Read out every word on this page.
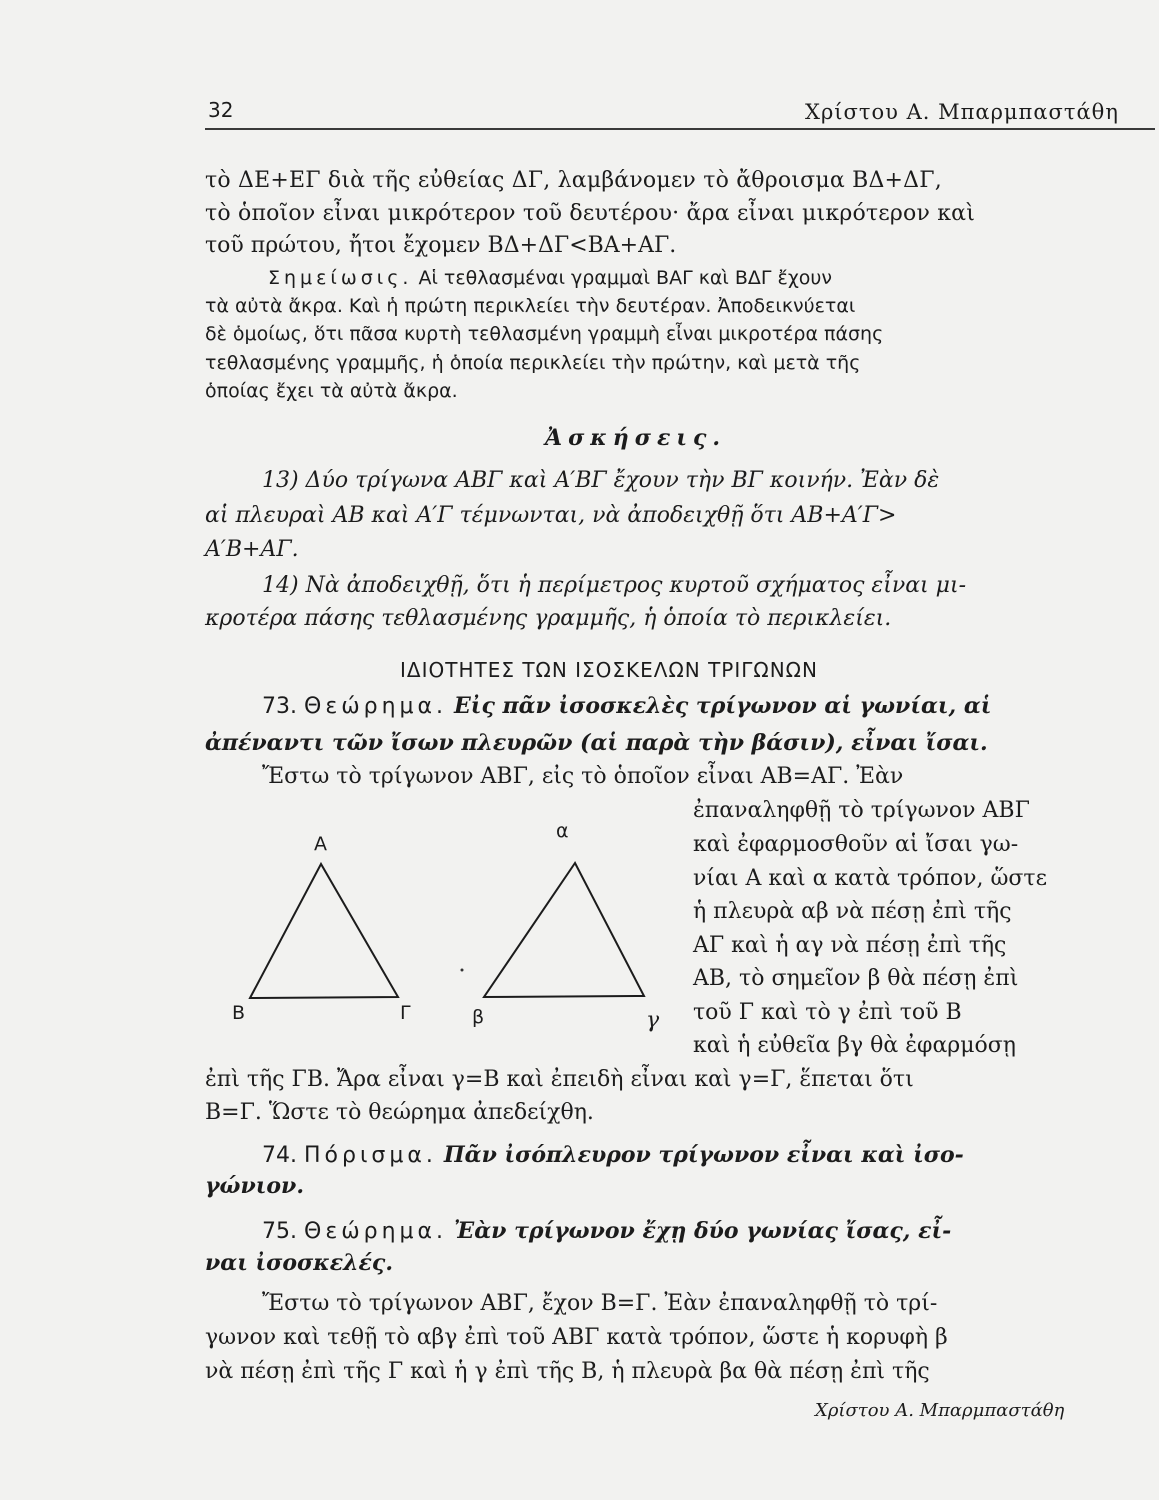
32	Χρίστου Α. Μπαρμπαστάθη
τὸ ΔΕ+ΕΓ διὰ τῆς εὐθείας ΔΓ, λαμβάνομεν τὸ ἄθροισμα ΒΔ+ΔΓ,
τὸ ὁποῖον εἶναι μικρότερον τοῦ δευτέρου· ἄρα εἶναι μικρότερον καὶ
τοῦ πρώτου, ἤτοι ἔχομεν ΒΔ+ΔΓ<ΒΑ+ΑΓ.
Σημείωσις. Αἱ τεθλασμέναι γραμμαὶ ΒΑΓ καὶ ΒΔΓ ἔχουν
τὰ αὐτὰ ἄκρα. Καὶ ἡ πρώτη περικλείει τὴν δευτέραν. Ἀποδεικνύεται
δὲ ὁμοίως, ὅτι πᾶσα κυρτὴ τεθλασμένη γραμμὴ εἶναι μικροτέρα πάσης
τεθλασμένης γραμμῆς, ἡ ὁποία περικλείει τὴν πρώτην, καὶ μετὰ τῆς
ὁποίας ἔχει τὰ αὐτὰ ἄκρα.
Ἀσκήσεις.
13) Δύο τρίγωνα ΑΒΓ καὶ Α′ΒΓ ἔχουν τὴν ΒΓ κοινήν. Ἐὰν δὲ
αἱ πλευραὶ ΑΒ καὶ Α′Γ τέμνωνται, νὰ ἀποδειχθῇ ὅτι ΑΒ+Α′Γ>
Α′Β+ΑΓ.
14) Νὰ ἀποδειχθῇ, ὅτι ἡ περίμετρος κυρτοῦ σχήματος εἶναι μι-
κροτέρα πάσης τεθλασμένης γραμμῆς, ἡ ὁποία τὸ περικλείει.
ΙΔΙΟΤΗΤΕΣ ΤΩΝ ΙΣΟΣΚΕΛΩΝ ΤΡΙΓΩΝΩΝ
73. Θεώρημα. Εἰς πᾶν ἰσοσκελὲς τρίγωνον αἱ γωνίαι, αἱ
ἀπέναντι τῶν ἴσων πλευρῶν (αἱ παρὰ τὴν βάσιν), εἶναι ἴσαι.
Ἔστω τὸ τρίγωνον ΑΒΓ, εἰς τὸ ὁποῖον εἶναι ΑΒ=ΑΓ. Ἐὰν
ἐπαναληφθῇ τὸ τρίγωνον ΑΒΓ
καὶ ἐφαρμοσθοῦν αἱ ἴσαι γω-
νίαι Α καὶ α κατὰ τρόπον, ὥστε
ἡ πλευρὰ αβ νὰ πέσῃ ἐπὶ τῆς
ΑΓ καὶ ἡ αγ νὰ πέσῃ ἐπὶ τῆς
ΑΒ, τὸ σημεῖον β θὰ πέσῃ ἐπὶ
τοῦ Γ καὶ τὸ γ ἐπὶ τοῦ Β
καὶ ἡ εὐθεῖα βγ θὰ ἐφαρμόσῃ
Α
Β	Γ
α
β	γ
ἐπὶ τῆς ΓΒ. Ἄρα εἶναι γ=Β καὶ ἐπειδὴ εἶναι καὶ γ=Γ, ἕπεται ὅτι
Β=Γ. Ὥστε τὸ θεώρημα ἀπεδείχθη.
74. Πόρισμα. Πᾶν ἰσόπλευρον τρίγωνον εἶναι καὶ ἰσο-
γώνιον.
75. Θεώρημα. Ἐὰν τρίγωνον ἔχῃ δύο γωνίας ἴσας, εἶ-
ναι ἰσοσκελές.
Ἔστω τὸ τρίγωνον ΑΒΓ, ἔχον Β=Γ. Ἐὰν ἐπαναληφθῇ τὸ τρί-
γωνον καὶ τεθῇ τὸ αβγ ἐπὶ τοῦ ΑΒΓ κατὰ τρόπον, ὥστε ἡ κορυφὴ β
νὰ πέσῃ ἐπὶ τῆς Γ καὶ ἡ γ ἐπὶ τῆς Β, ἡ πλευρὰ βα θὰ πέσῃ ἐπὶ τῆς
Χρίστου Α. Μπαρμπαστάθη
